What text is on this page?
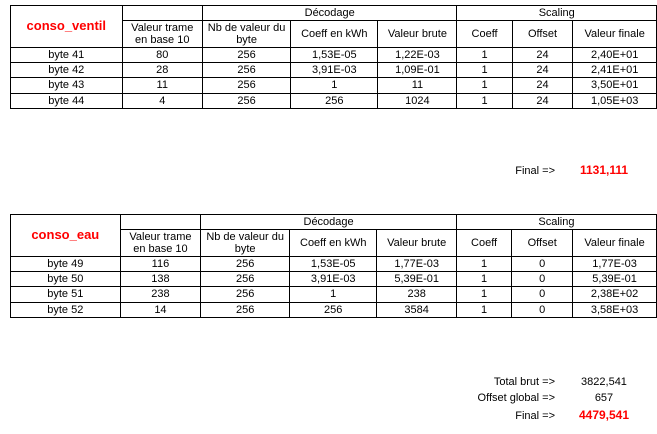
conso_ventil		Décodage			Scaling		
	Valeur trame en base 10	Nb de valeur du byte	Coeff en kWh	Valeur brute	Coeff	Offset	Valeur finale
byte 41	80	256	1,53E-05	1,22E-03	1	24	2,40E+01
byte 42	28	256	3,91E-03	1,09E-01	1	24	2,41E+01
byte 43	11	256	1	11	1	24	3,50E+01
byte 44	4	256	256	1024	1	24	1,05E+03
Final =>	1131,111
conso_eau		Décodage			Scaling		
	Valeur trame en base 10	Nb de valeur du byte	Coeff en kWh	Valeur brute	Coeff	Offset	Valeur finale
byte 49	116	256	1,53E-05	1,77E-03	1	0	1,77E-03
byte 50	138	256	3,91E-03	5,39E-01	1	0	5,39E-01
byte 51	238	256	1	238	1	0	2,38E+02
byte 52	14	256	256	3584	1	0	3,58E+03
Total brut =>	3822,541
Offset global =>	657
Final =>	4479,541
